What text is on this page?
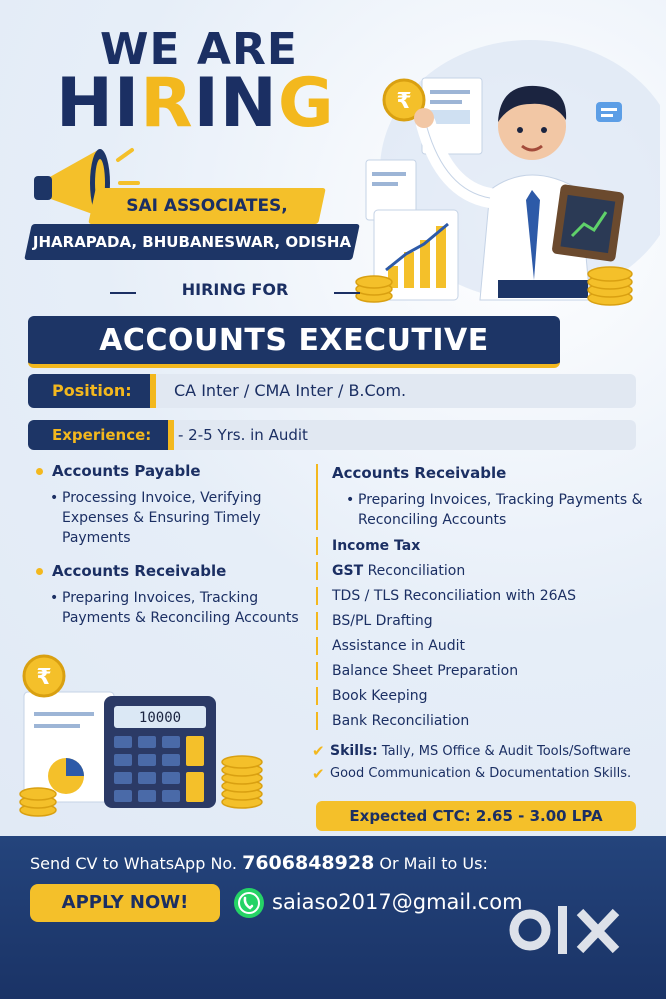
WE ARE
HIRING
SAI ASSOCIATES,
JHARAPADA, BHUBANESWAR, ODISHA
₹
HIRING FOR
ACCOUNTS EXECUTIVE
Position:	CA Inter / CMA Inter / B.Com.
Experience:	- 2-5 Yrs. in Audit
Accounts Payable
• Processing Invoice, Verifying Expenses & Ensuring Timely Payments
Accounts Receivable
• Preparing Invoices, Tracking Payments & Reconciling Accounts
Accounts Receivable
• Preparing Invoices, Tracking Payments & Reconciling Accounts
Income Tax
GST Reconciliation
TDS / TLS Reconciliation with 26AS
BS/PL Drafting
Assistance in Audit
Balance Sheet Preparation
Book Keeping
Bank Reconciliation
✔ Skills: Tally, MS Office & Audit Tools/Software
✔ Good Communication & Documentation Skills.
Expected CTC: 2.65 - 3.00 LPA
₹
10000
Send CV to WhatsApp No. 7606848928 Or Mail to Us:
APPLY NOW!	saiaso2017@gmail.com
